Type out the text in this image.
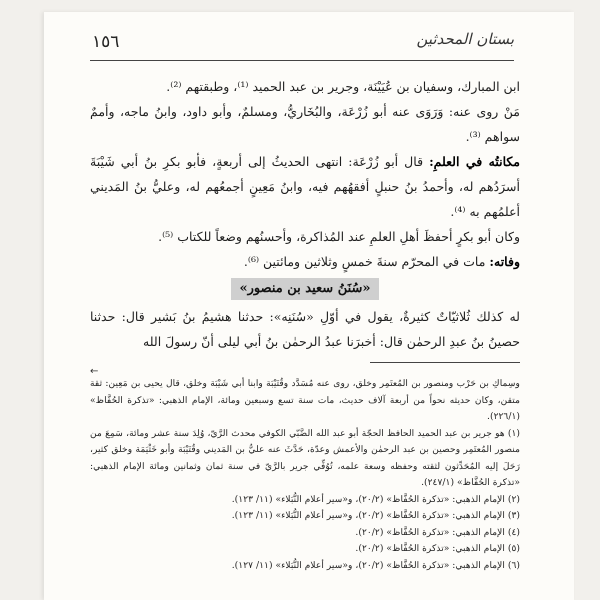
١٥٦	بستان المحدثين

ابن المبارك، وسفيان بن عُيَيْنَة، وجرير بن عبد الحميد ⁽¹⁾، وطبقتهم ⁽²⁾.

مَنْ روى عنه: وَرَوَى عنه أبو زُرْعَة، والبُخَاريُّ، ومسلمٌ، وأبو داود، وابنُ ماجه، وأممٌ سواهم ⁽³⁾.

مكانتُه في العلمِ: قال أبو زُرْعَة: انتهى الحديثُ إلى أربعةٍ، فأبو بكرِ بنُ أبي شَيْبَةَ أسرَدُهم له، وأحمدُ بنُ حنبلٍ أفقهُهم فيه، وابنُ مَعِينٍ أجمعُهم له، وعليُّ بنُ المَديني أعلمُهم به ⁽⁴⁾.

وكان أبو بكرٍ أحفظَ أهلِ العلمِ عند المُذاكرة، وأحسنُهم وضعاً للكتاب ⁽⁵⁾.

وفاته: مات في المحرّم سنةَ خمسٍ وثلاثين ومائتين ⁽⁶⁾.

«سُنَنُ سعيد بن منصور»

له كذلك ثُلاثيّاتٌ كثيرةٌ، يقول في أوّلِ «سُنَنِه»: حدثنا هشيمُ بنُ بَشير قال: حدثنا حصينُ بنُ عبدِ الرحمٰن قال: أخبرَنا عبدُ الرحمٰن بنُ أبي ليلى أنّ رسولَ الله

←

وسِماكِ بن حَرْب ومنصور بن المُعتَمِر وخلق، روى عنه مُسَدَّد وقُتَيْبَة وابنا أبي شَيْبَة وخلق، قال يحيى بن مَعِين: ثقة متقن، وكان حديثه نحواً من أربعة آلاف حديث، مات سنة تسع وسبعين ومائة، الإمام الذهبي: «تذكرة الحُفَّاظ» (٢٢٦/١).

(١) هو جرير بن عبد الحميد الحافظ الحجّة أبو عبد الله الضَّبّي الكوفي محدث الرَّيّ، وُلِدَ سنة عشر ومائة، سَمِعَ من منصور المُعتَمِر وحصين بن عبد الرحمٰن والأعمش وعدّة، حَدَّثَ عنه عليُّ بن المَديني وقُتَيْبَة وأبو خَثْيَمَة وخلق كثير، رَحَلَ إليه المُحَدِّثون لثقته وحفظه وسعة علمه، تُوُفِّي جرير بالرَّيّ في سنة ثمان وثمانين ومائة الإمام الذهبي: «تذكرة الحُفَّاظ» (٢٤٧/١).
(٢) الإمام الذهبي: «تذكرة الحُفَّاظ» (٢٠/٢)، و«سير أعلام النُّبَلاء» (١١/ ١٢٣).
(٣) الإمام الذهبي: «تذكرة الحُفَّاظ» (٢٠/٢)، و«سير أعلام النُّبَلاء» (١١/ ١٢٣).
(٤) الإمام الذهبي: «تذكرة الحُفَّاظ» (٢٠/٢).
(٥) الإمام الذهبي: «تذكرة الحُفَّاظ» (٢٠/٢).
(٦) الإمام الذهبي: «تذكرة الحُفَّاظ» (٢٠/٢)، و«سير أعلام النُّبَلاء» (١١/ ١٢٧).
